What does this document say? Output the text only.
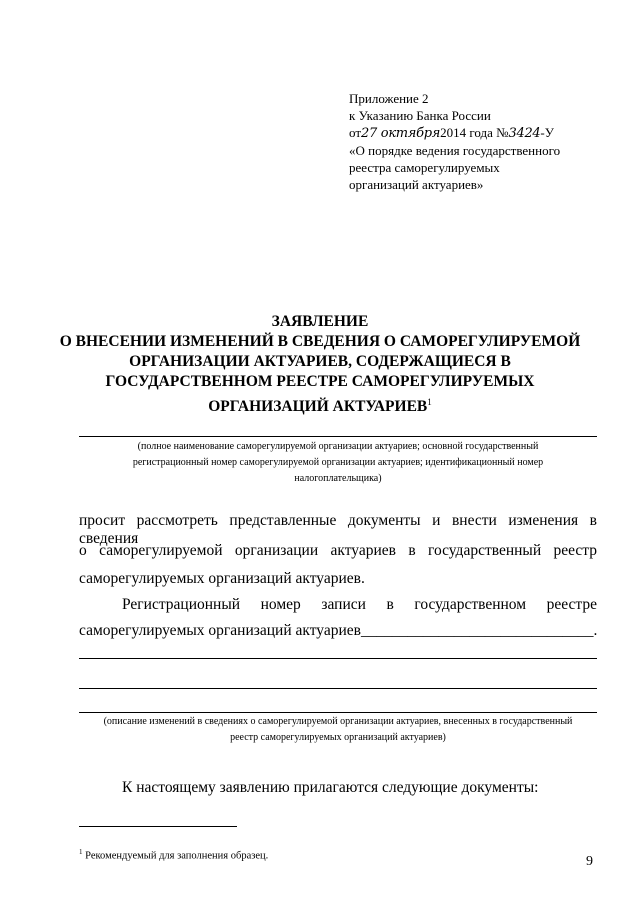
Приложение 2
к Указанию Банка России
от27 октября2014 года №3424-У
«О порядке ведения государственного
реестра саморегулируемых
организаций актуариев»
ЗАЯВЛЕНИЕ
О ВНЕСЕНИИ ИЗМЕНЕНИЙ В СВЕДЕНИЯ О САМОРЕГУЛИРУЕМОЙ
ОРГАНИЗАЦИИ АКТУАРИЕВ, СОДЕРЖАЩИЕСЯ В
ГОСУДАРСТВЕННОМ РЕЕСТРЕ САМОРЕГУЛИРУЕМЫХ
ОРГАНИЗАЦИЙ АКТУАРИЕВ$^1$
(полное наименование саморегулируемой организации актуариев; основной государственный
регистрационный номер саморегулируемой организации актуариев; идентификационный номер
налогоплательщика)
просит рассмотреть представленные документы и внести изменения в сведения
о саморегулируемой организации актуариев в государственный реестр
саморегулируемых организаций актуариев.
Регистрационный номер записи в государственном реестре
саморегулируемых организаций актуариев______________________________.
(описание изменений в сведениях о саморегулируемой организации актуариев, внесенных в государственный
реестр саморегулируемых организаций актуариев)
К настоящему заявлению прилагаются следующие документы:
$^1$ Рекомендуемый для заполнения образец.	9
